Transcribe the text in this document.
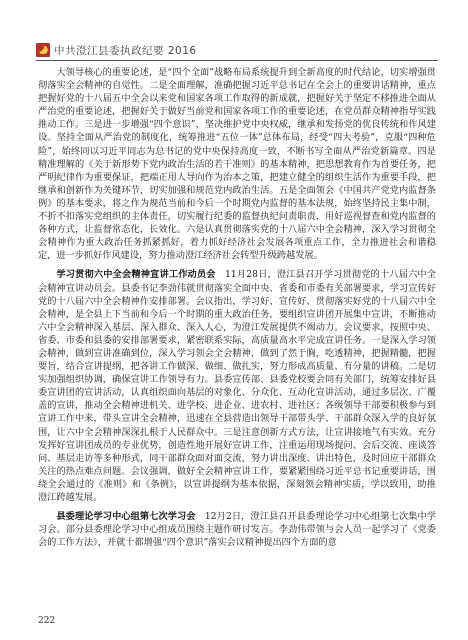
中共澄江县委执政纪要 2016

大领导核心的重要论述，是“四个全面”战略布局系统提升到全新高度的时代结论，切实增强贯彻落实全会精神的自觉性。二是全面理解，准确把握习近平总书记在全会上的重要讲话精神，重点把握好党的十八届五中全会以来党和国家各项工作取得的新成就，把握好关于坚定不移推进全面从严治党的重要论述，把握好关于做好当前党和国家各项工作的重要论述，在党员群众精神指导实践推动工作。三是进一步增强“四个意识”，坚决维护党中央权威，继承和发扬党的优良传统和作风建设。坚持全面从严治党的制度化，统筹推进“五位一体”总体布局，经受“四大考验”，克服“四种危险”，始终同以习近平同志为总书记的党中央保持高度一致，不断书写全面从严治党新篇章。四是精准理解的《关于新形势下党内政治生活的若干准则》的基本精神，把思想教育作为首要任务，把严明纪律作为重要保证，把端正用人导向作为治本之策，把建立健全的组织生活作为重要手段，把继承和创新作为关键环节，切实加强和规范党内政治生活。五是全面领会《中国共产党党内监督条例》的基本要求，将之作为规范当前和今后一个时期党内监督的基本法规，始终坚持民主集中制，不折不扣落实党组织的主体责任，切实履行纪委的监督执纪问责职责，用好巡视督查和党内监督的各种方式，让监督常态化，长效化。六是认真贯彻落实党的十八届六中全会精神，深入学习贯彻全会精神作为重大政治任务抓紧抓好，着力抓好经济社会发展各项重点工作，全力推进社会和谐稳定，进一步抓好作风建设，努力推动澄江经济社会转型升级跨越发展。

学习贯彻六中全会精神宣讲工作动员会　11月28日，澄江县召开学习贯彻党的十八届六中全会精神宣讲动员会。县委书记李劲伟就贯彻落实全面中央、省委和市委有关部署要求，学习宣传好党的十八届六中全会精神作安排部署。会议指出，学习好、宣传好、贯彻落实好党的十八届六中全会精神，是全县上下当前和今后一个时期的重大政治任务，要组织宣讲团开展集中宣讲，不断推动六中全会精神深入基层、深入群众、深入人心，为澄江发展提供不竭动力。会议要求，按照中央、省委、市委和县委的安排部署要求，紧密联系实际，高质量高水平完成宣讲任务。一是深入学习领会精神，做到宣讲准确到位，深入学习领会全会精神，做到了然于胸，吃透精神，把握精髓，把握要旨，结合宣讲提纲，把各讲工作做深、做细、做扎实，努力形成高质量、有分量的讲稿。二是切实加强组织协调，确保宣讲工作领导有力。县委宣传部、县委党校要会同有关部门，统筹安排好县委宣讲团的宣讲活动，认真组织面向基层的对象化、分众化、互动化宣讲活动，通过多层次、广覆盖的宣讲，推动全会精神进机关、进学校、进企业、进农村、进社区；各级领导干部要积极参与到宣讲工作中来，带头宣讲全会精神，迅速在全县营造出领导干部带头学、干部群众深入学的良好氛围，让六中全会精神深深扎根于人民群众中。三是注意创新方式方法，让宣讲接地气有实效。充分发挥好宣讲团成员的专业优势，创造性地开展好宣讲工作，注重运用现场提问、会后交流、座谈答问、基层走访等多种形式，同干部群众面对面交流，努力讲出深度、讲出特色，及时回应干部群众关注的热点难点问题。会议强调，做好全会精神宣讲工作，要紧紧围绕习近平总书记重要讲话，围绕全会通过的《准则》和《条例》，以宣讲提纲为基本依据，深刻领会精神实质，学以致用，助推澄江跨越发展。

县委理论学习中心组第七次学习会　12月2日，澄江县召开县委理论学习中心组第七次集中学习会。部分县委理论学习中心组成员围绕主题作研讨发言。李劲伟带领与会人员一起学习了《党委会的工作方法》，并就十都增强“四个意识”落实会议精神提出四个方面的意

222
